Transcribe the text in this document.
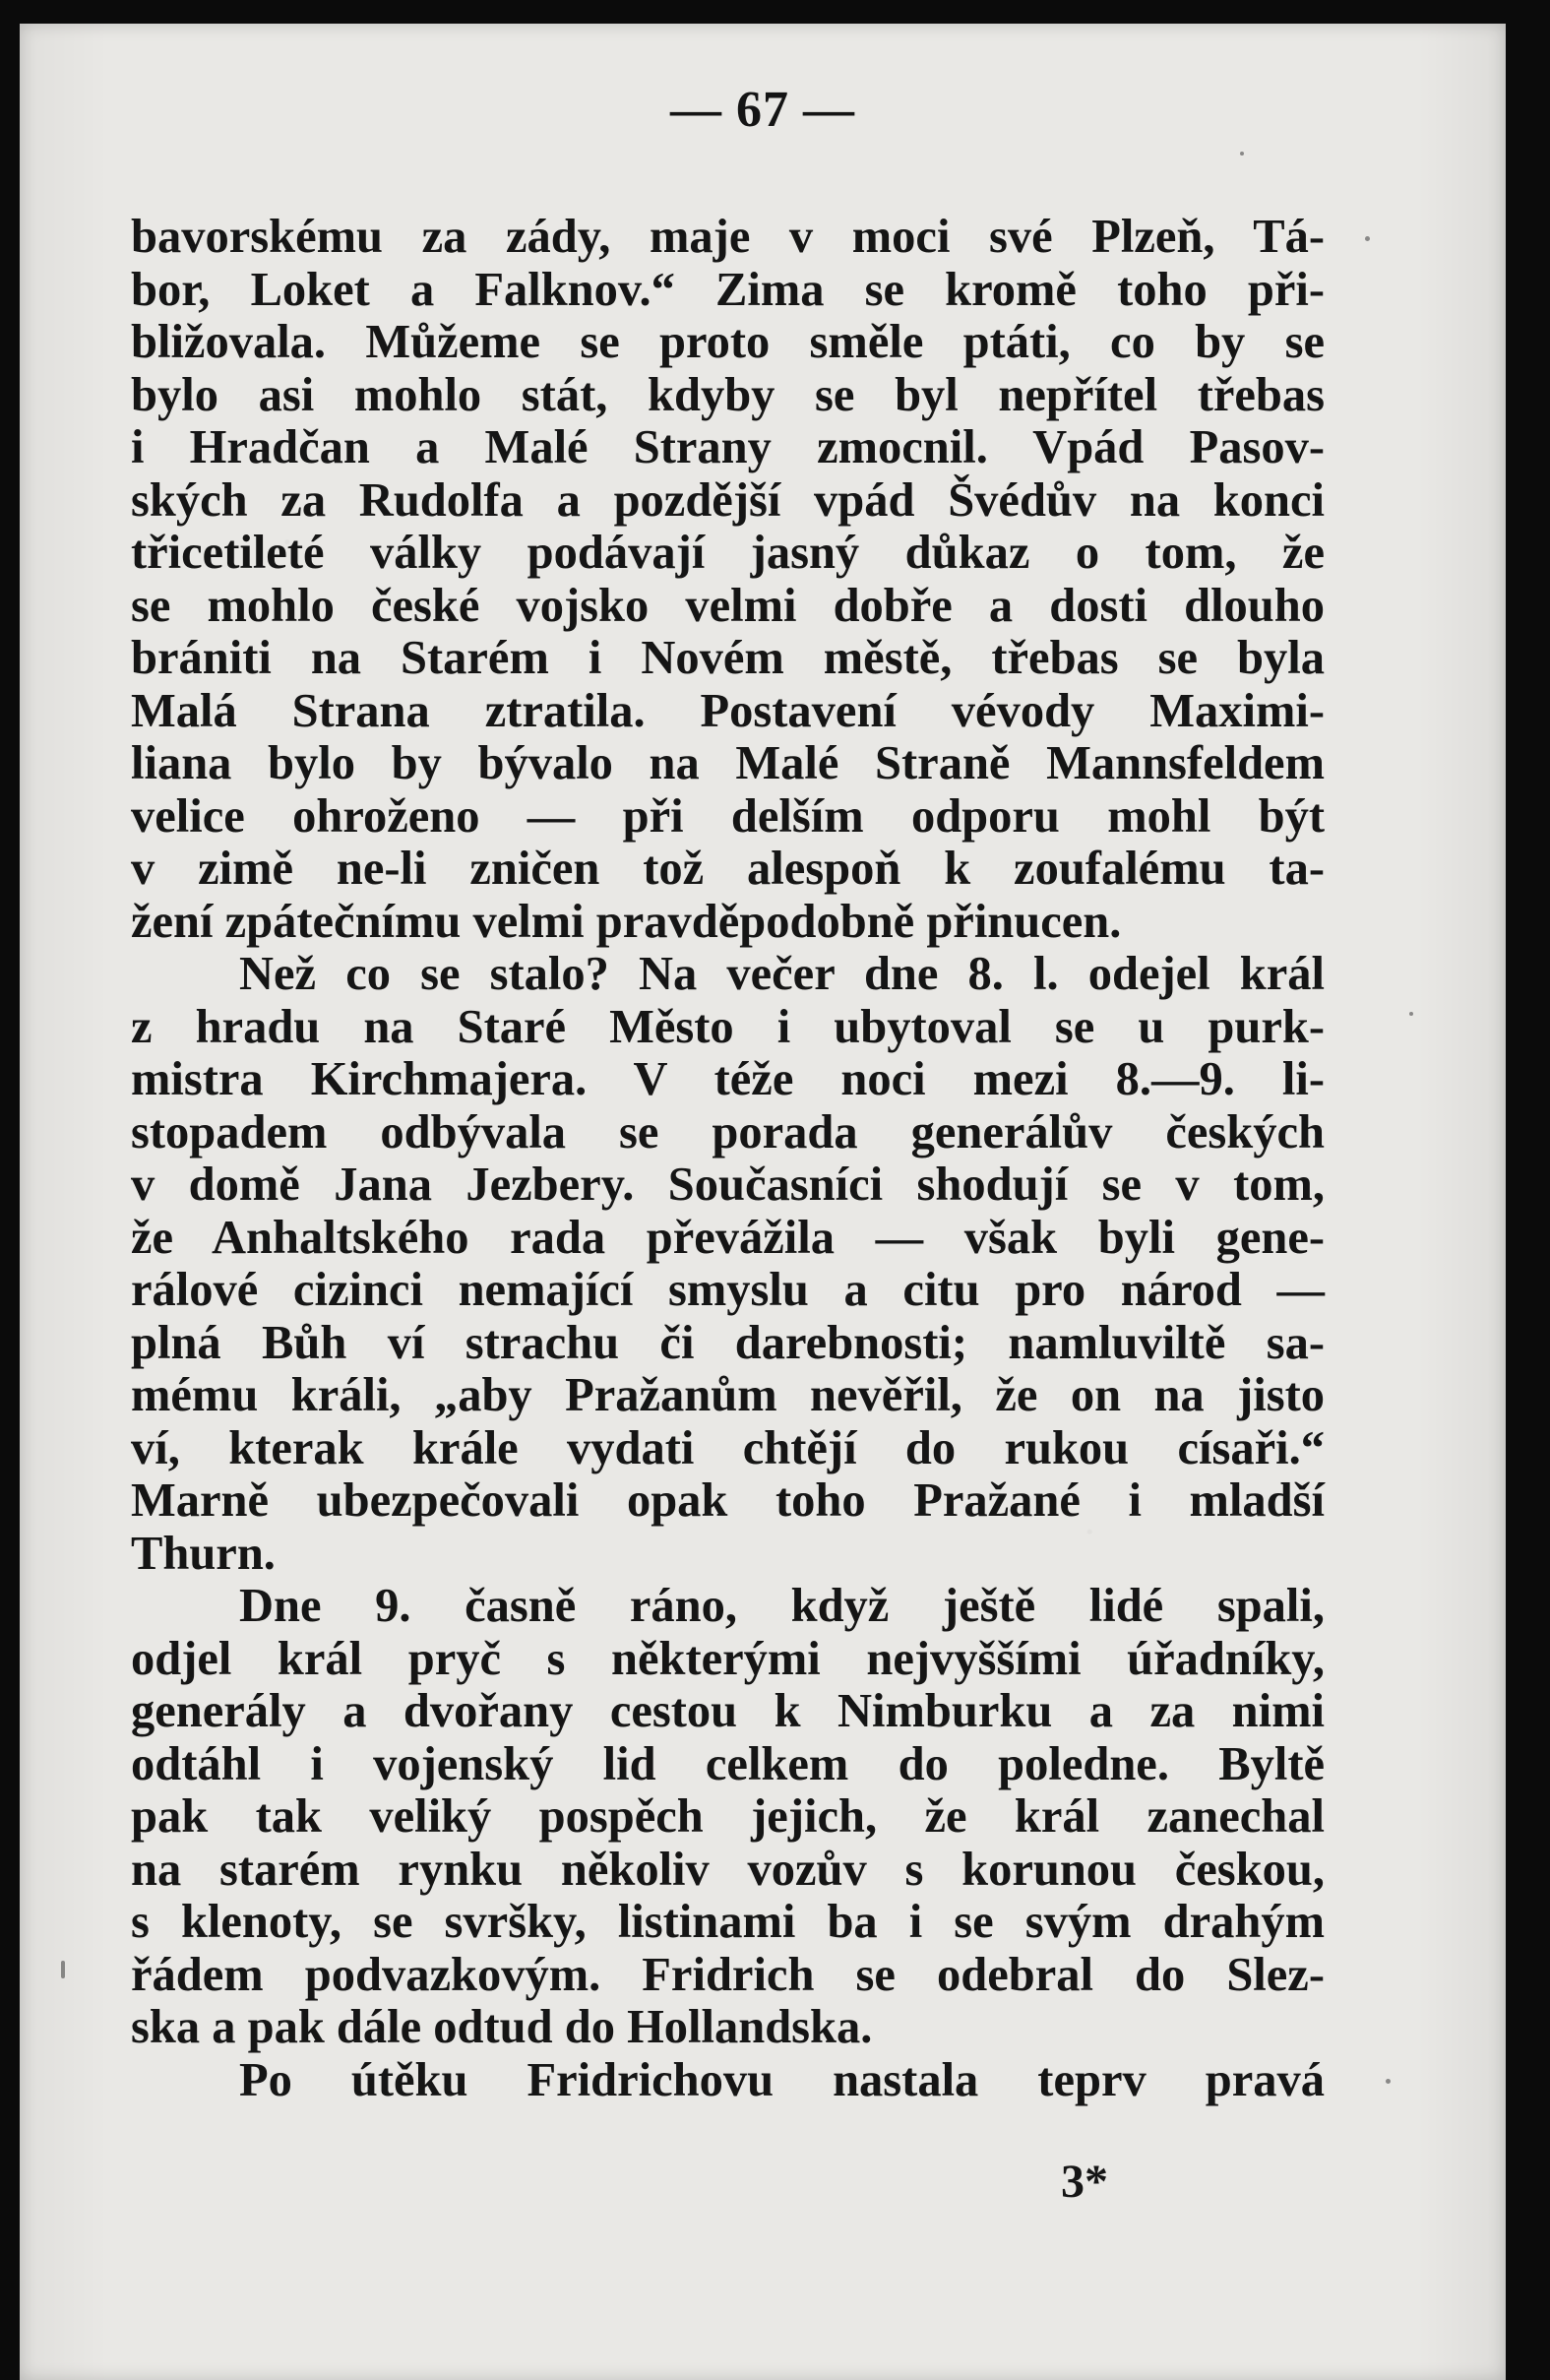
— 67 —
bavorskému za zády, maje v moci své Plzeň, Tá-
bor, Loket a Falknov.“ Zima se kromě toho při-
bližovala. Můžeme se proto směle ptáti, co by se
bylo asi mohlo stát, kdyby se byl nepřítel třebas
i Hradčan a Malé Strany zmocnil. Vpád Pasov-
ských za Rudolfa a pozdější vpád Švédův na konci
třicetileté války podávají jasný důkaz o tom, že
se mohlo české vojsko velmi dobře a dosti dlouho
brániti na Starém i Novém městě, třebas se byla
Malá Strana ztratila. Postavení vévody Maximi-
liana bylo by bývalo na Malé Straně Mannsfeldem
velice ohroženo — při delším odporu mohl být
v zimě ne-li zničen tož alespoň k zoufalému ta-
žení zpátečnímu velmi pravděpodobně přinucen.
Než co se stalo? Na večer dne 8. l. odejel král
z hradu na Staré Město i ubytoval se u purk-
mistra Kirchmajera. V téže noci mezi 8.—9. li-
stopadem odbývala se porada generálův českých
v domě Jana Jezbery. Současníci shodují se v tom,
že Anhaltského rada převážila — však byli gene-
rálové cizinci nemající smyslu a citu pro národ —
plná Bůh ví strachu či darebnosti; namluviltě sa-
mému králi, „aby Pražanům nevěřil, že on na jisto
ví, kterak krále vydati chtějí do rukou císaři.“
Marně ubezpečovali opak toho Pražané i mladší
Thurn.
Dne 9. časně ráno, když ještě lidé spali,
odjel král pryč s některými nejvyššími úřadníky,
generály a dvořany cestou k Nimburku a za nimi
odtáhl i vojenský lid celkem do poledne. Byltě
pak tak veliký pospěch jejich, že král zanechal
na starém rynku několiv vozův s korunou českou,
s klenoty, se svršky, listinami ba i se svým drahým
řádem podvazkovým. Fridrich se odebral do Slez-
ska a pak dále odtud do Hollandska.
Po útěku Fridrichovu nastala teprv pravá
3*
